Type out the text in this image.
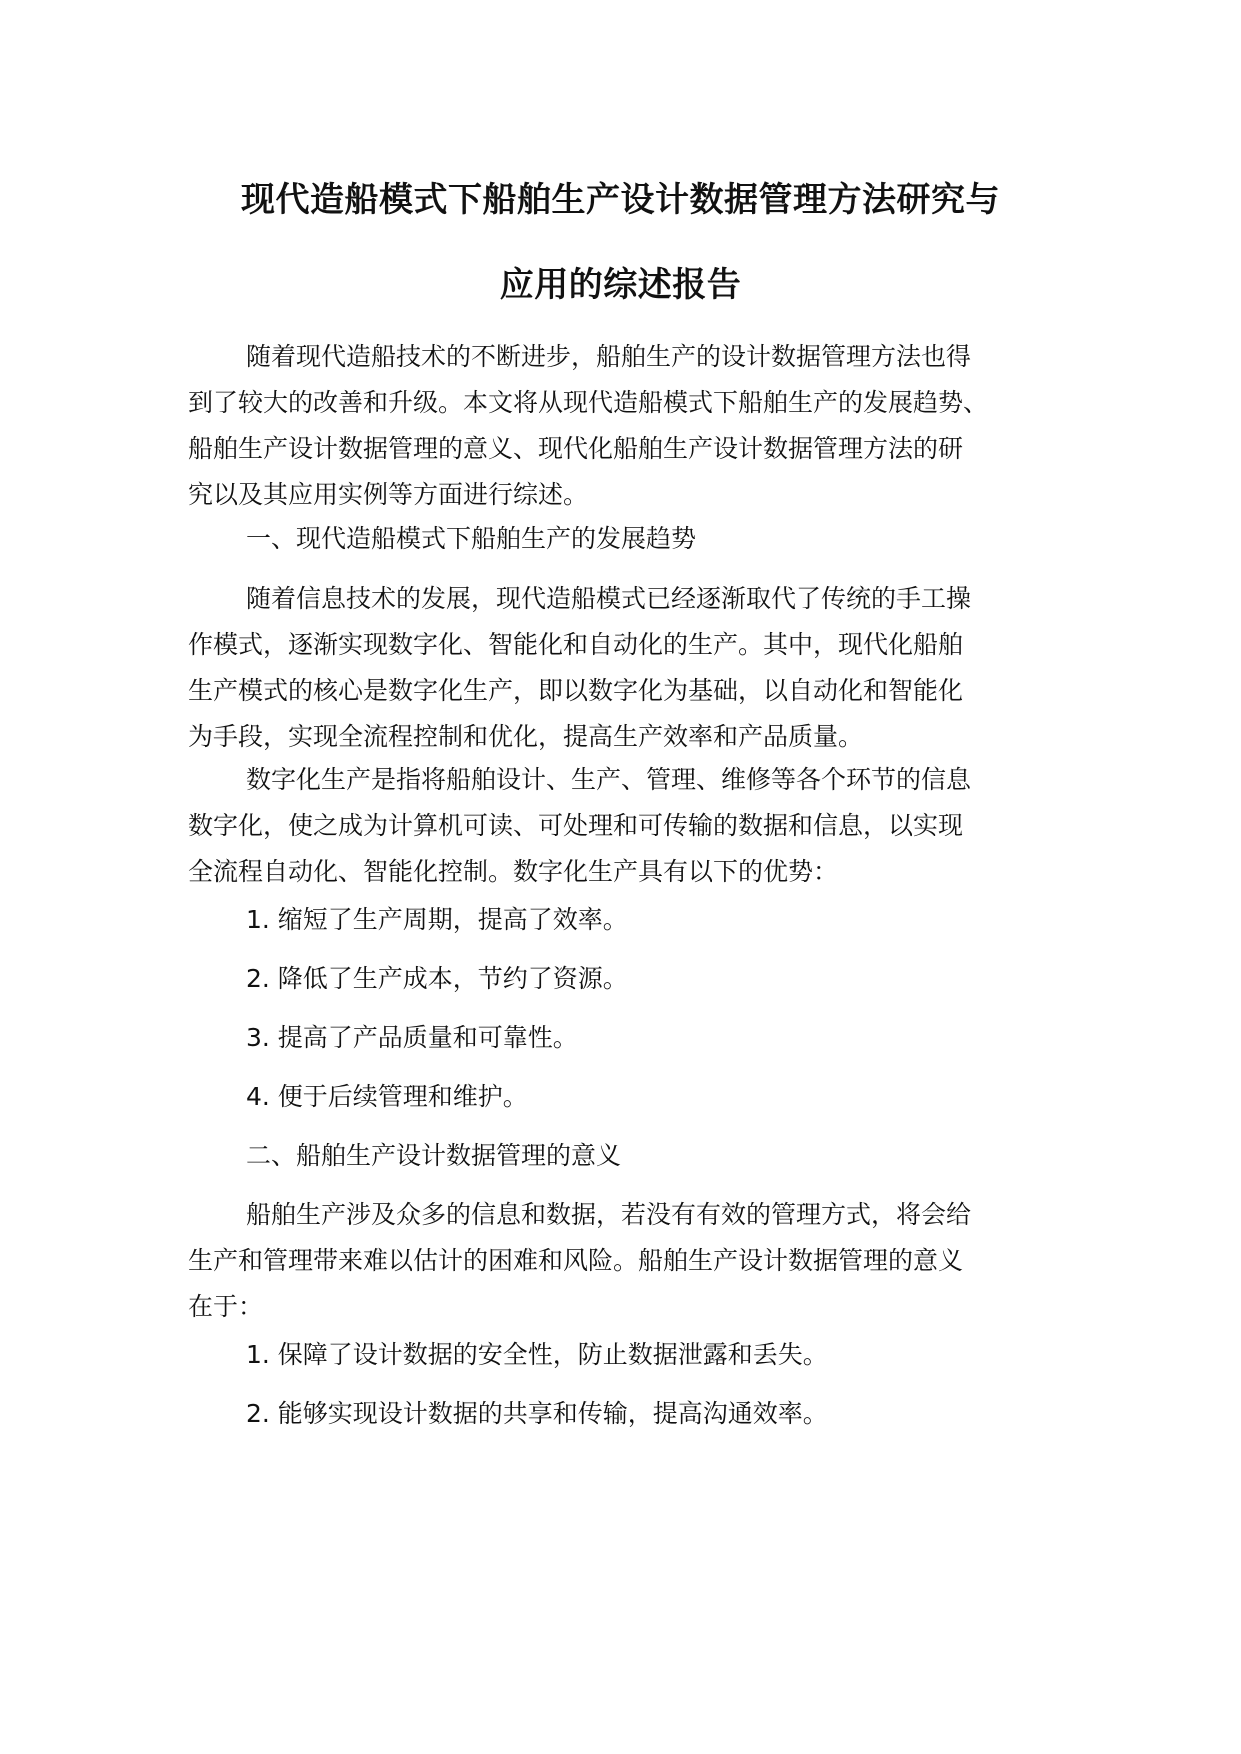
现代造船模式下船舶生产设计数据管理方法研究与
应用的综述报告
随着现代造船技术的不断进步，船舶生产的设计数据管理方法也得
到了较大的改善和升级。本文将从现代造船模式下船舶生产的发展趋势、
船舶生产设计数据管理的意义、现代化船舶生产设计数据管理方法的研
究以及其应用实例等方面进行综述。
一、现代造船模式下船舶生产的发展趋势
随着信息技术的发展，现代造船模式已经逐渐取代了传统的手工操
作模式，逐渐实现数字化、智能化和自动化的生产。其中，现代化船舶
生产模式的核心是数字化生产，即以数字化为基础，以自动化和智能化
为手段，实现全流程控制和优化，提高生产效率和产品质量。
数字化生产是指将船舶设计、生产、管理、维修等各个环节的信息
数字化，使之成为计算机可读、可处理和可传输的数据和信息，以实现
全流程自动化、智能化控制。数字化生产具有以下的优势：
1. 缩短了生产周期，提高了效率。
2. 降低了生产成本，节约了资源。
3. 提高了产品质量和可靠性。
4. 便于后续管理和维护。
二、船舶生产设计数据管理的意义
船舶生产涉及众多的信息和数据，若没有有效的管理方式，将会给
生产和管理带来难以估计的困难和风险。船舶生产设计数据管理的意义
在于：
1. 保障了设计数据的安全性，防止数据泄露和丢失。
2. 能够实现设计数据的共享和传输，提高沟通效率。
